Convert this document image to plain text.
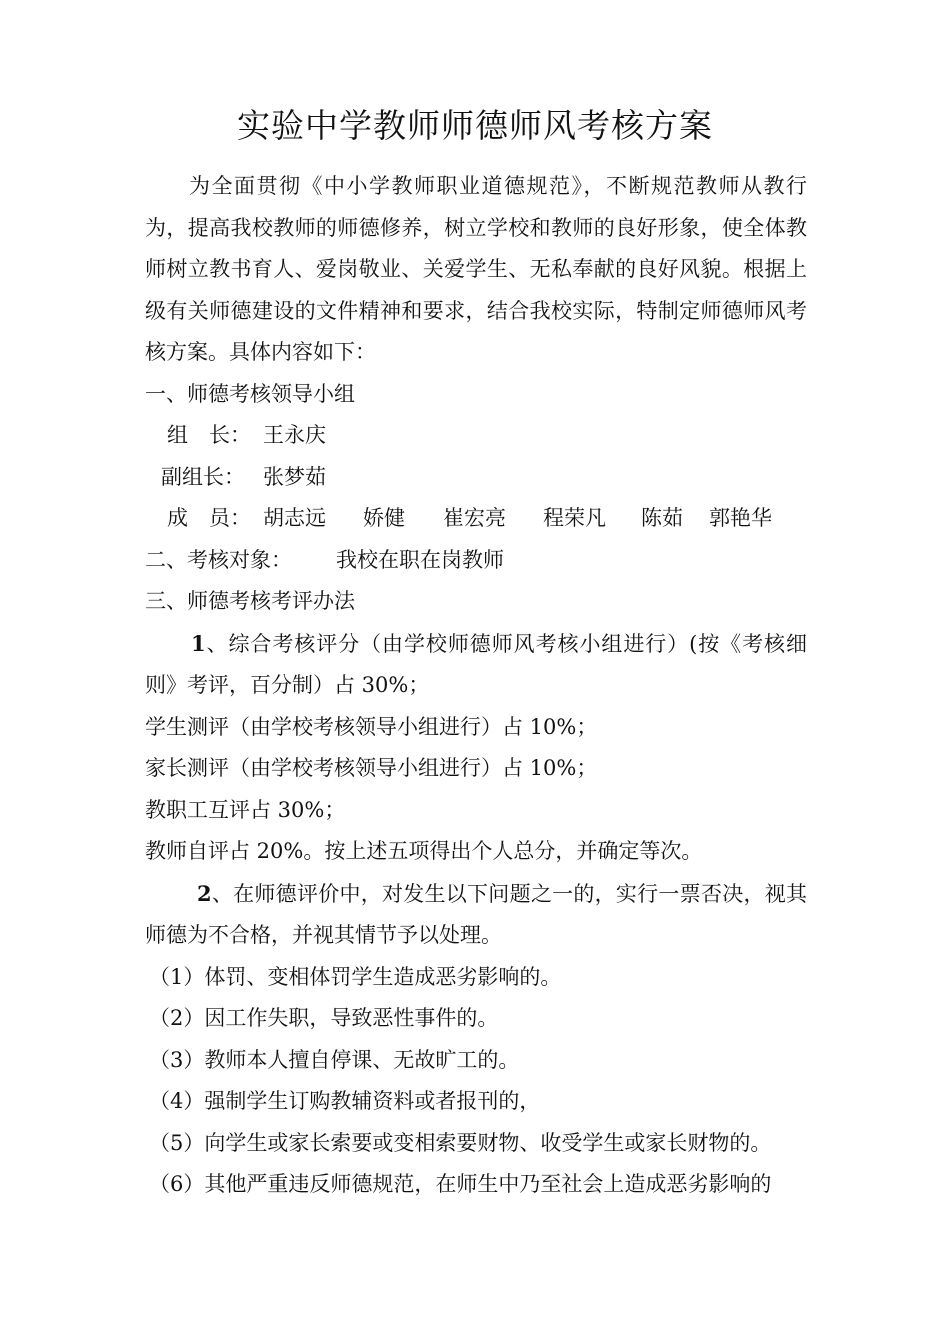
实验中学教师师德师风考核方案

为全面贯彻《中小学教师职业道德规范》，不断规范教师从教行为，提高我校教师的师德修养，树立学校和教师的良好形象，使全体教师树立教书育人、爱岗敬业、关爱学生、无私奉献的良好风貌。根据上级有关师德建设的文件精神和要求，结合我校实际，特制定师德师风考核方案。具体内容如下：

一、师德考核领导小组

组　长： 王永庆

副组长： 张梦茹

成　员： 胡志远 娇健 崔宏亮 程荣凡 陈茹 郭艳华

二、考核对象： 我校在职在岗教师

三、师德考核考评办法

1、综合考核评分（由学校师德师风考核小组进行）(按《考核细则》考评，百分制）占 30%；

学生测评（由学校考核领导小组进行）占 10%；

家长测评（由学校考核领导小组进行）占 10%；

教职工互评占 30%；

教师自评占 20%。按上述五项得出个人总分，并确定等次。

2、在师德评价中，对发生以下问题之一的，实行一票否决，视其师德为不合格，并视其情节予以处理。

（1）体罚、变相体罚学生造成恶劣影响的。

（2）因工作失职，导致恶性事件的。

（3）教师本人擅自停课、无故旷工的。

（4）强制学生订购教辅资料或者报刊的，

（5）向学生或家长索要或变相索要财物、收受学生或家长财物的。

（6）其他严重违反师德规范，在师生中乃至社会上造成恶劣影响的
